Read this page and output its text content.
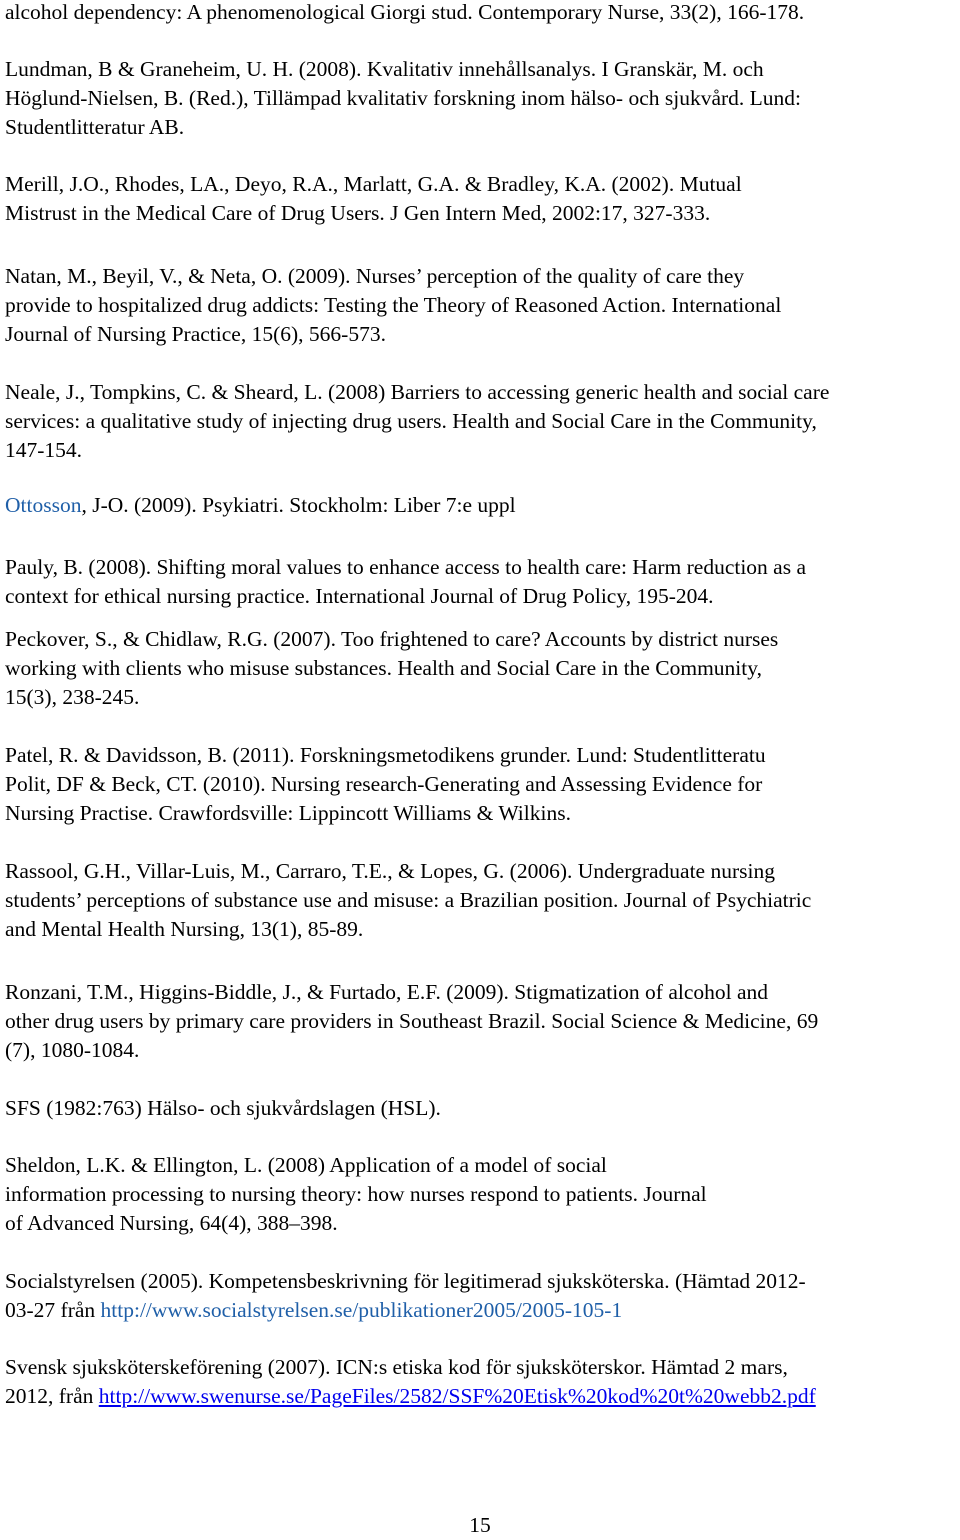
alcohol dependency: A phenomenological Giorgi stud. Contemporary Nurse, 33(2), 166-178.
Lundman, B & Graneheim, U. H. (2008). Kvalitativ innehållsanalys. I Granskär, M. och
Höglund-Nielsen, B. (Red.), Tillämpad kvalitativ forskning inom hälso- och sjukvård. Lund:
Studentlitteratur AB.
Merill, J.O., Rhodes, LA., Deyo, R.A., Marlatt, G.A. & Bradley, K.A. (2002). Mutual
Mistrust in the Medical Care of Drug Users. J Gen Intern Med, 2002:17, 327-333.
Natan, M., Beyil, V., & Neta, O. (2009). Nurses’ perception of the quality of care they
provide to hospitalized drug addicts: Testing the Theory of Reasoned Action. International
Journal of Nursing Practice, 15(6), 566-573.
Neale, J., Tompkins, C. & Sheard, L. (2008) Barriers to accessing generic health and social care
services: a qualitative study of injecting drug users. Health and Social Care in the Community,
147-154.
Ottosson, J-O. (2009). Psykiatri. Stockholm: Liber 7:e uppl
Pauly, B. (2008). Shifting moral values to enhance access to health care: Harm reduction as a
context for ethical nursing practice. International Journal of Drug Policy, 195-204.
Peckover, S., & Chidlaw, R.G. (2007). Too frightened to care? Accounts by district nurses
working with clients who misuse substances. Health and Social Care in the Community,
15(3), 238-245.
Patel, R. & Davidsson, B. (2011). Forskningsmetodikens grunder. Lund: Studentlitteratu
Polit, DF & Beck, CT. (2010). Nursing research-Generating and Assessing Evidence for
Nursing Practise. Crawfordsville: Lippincott Williams & Wilkins.
Rassool, G.H., Villar-Luis, M., Carraro, T.E., & Lopes, G. (2006). Undergraduate nursing
students’ perceptions of substance use and misuse: a Brazilian position. Journal of Psychiatric
and Mental Health Nursing, 13(1), 85-89.
Ronzani, T.M., Higgins-Biddle, J., & Furtado, E.F. (2009). Stigmatization of alcohol and
other drug users by primary care providers in Southeast Brazil. Social Science & Medicine, 69
(7), 1080-1084.
SFS (1982:763) Hälso- och sjukvårdslagen (HSL).
Sheldon, L.K. & Ellington, L. (2008) Application of a model of social
information processing to nursing theory: how nurses respond to patients. Journal
of Advanced Nursing, 64(4), 388–398.
Socialstyrelsen (2005). Kompetensbeskrivning för legitimerad sjuksköterska. (Hämtad 2012-
03-27 från http://www.socialstyrelsen.se/publikationer2005/2005-105-1
Svensk sjuksköterskeförening (2007). ICN:s etiska kod för sjuksköterskor. Hämtad 2 mars,
2012, från http://www.swenurse.se/PageFiles/2582/SSF%20Etisk%20kod%20t%20webb2.pdf
15
